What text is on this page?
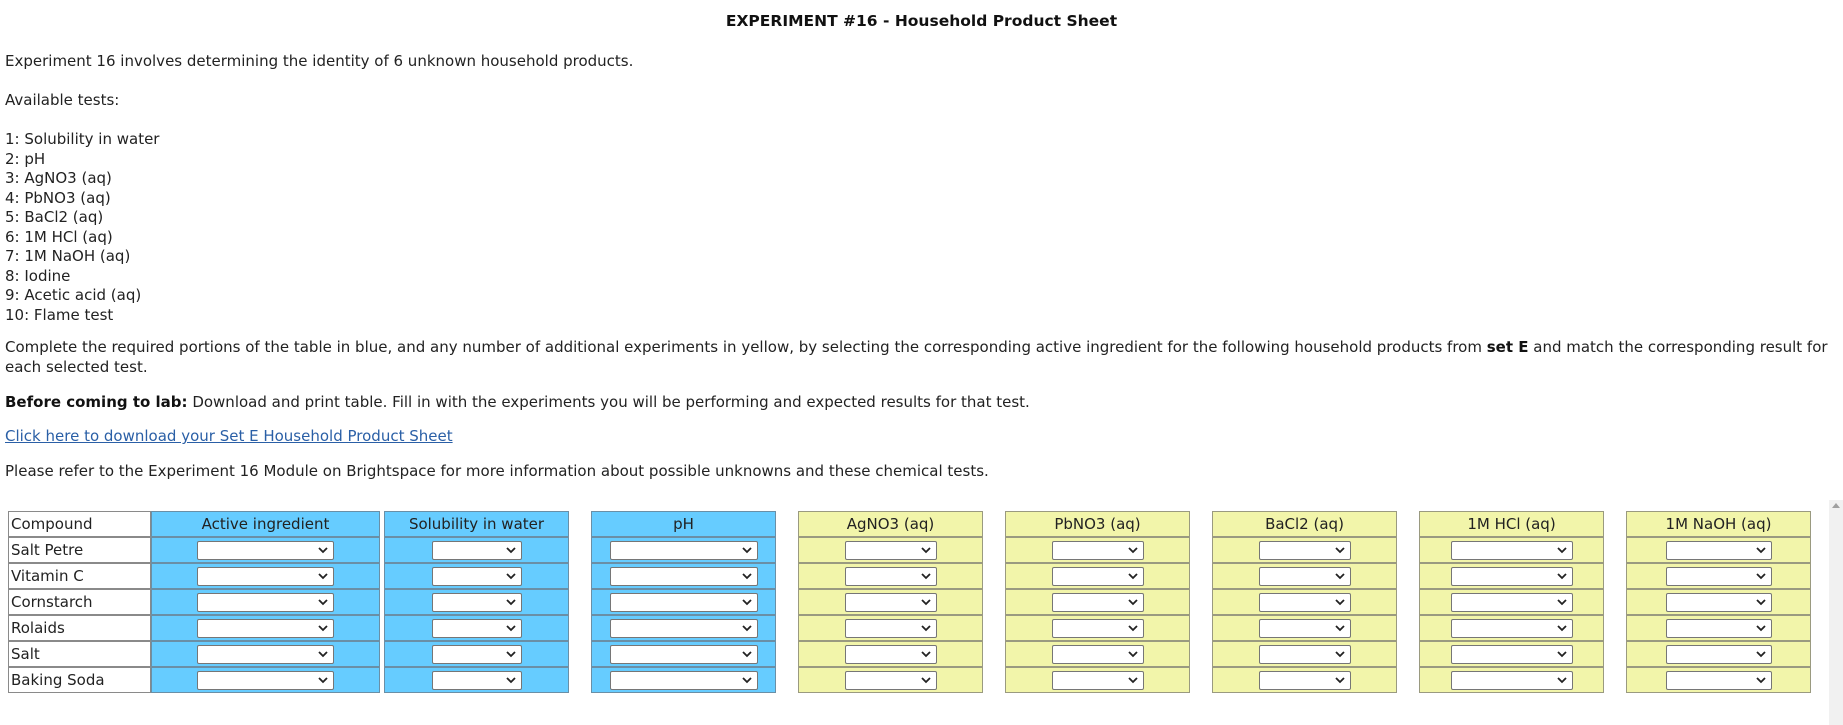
EXPERIMENT #16 - Household Product Sheet

Experiment 16 involves determining the identity of 6 unknown household products.

Available tests:

1: Solubility in water
2: pH
3: AgNO3 (aq)
4: PbNO3 (aq)
5: BaCl2 (aq)
6: 1M HCl (aq)
7: 1M NaOH (aq)
8: Iodine
9: Acetic acid (aq)
10: Flame test

Complete the required portions of the table in blue, and any number of additional experiments in yellow, by selecting the corresponding active ingredient for the following household products from set E and match the corresponding result for each selected test.

Before coming to lab: Download and print table. Fill in with the experiments you will be performing and expected results for that test.

Click here to download your Set E Household Product Sheet

Please refer to the Experiment 16 Module on Brightspace for more information about possible unknowns and these chemical tests.

Compound	Active ingredient		Solubility in water		pH		AgNO3 (aq)		PbNO3 (aq)		BaCl2 (aq)		1M HCl (aq)		1M NaOH (aq)
Salt Petre	

Vitamin C	

Cornstarch	

Rolaids	

Salt	

Baking Soda	
